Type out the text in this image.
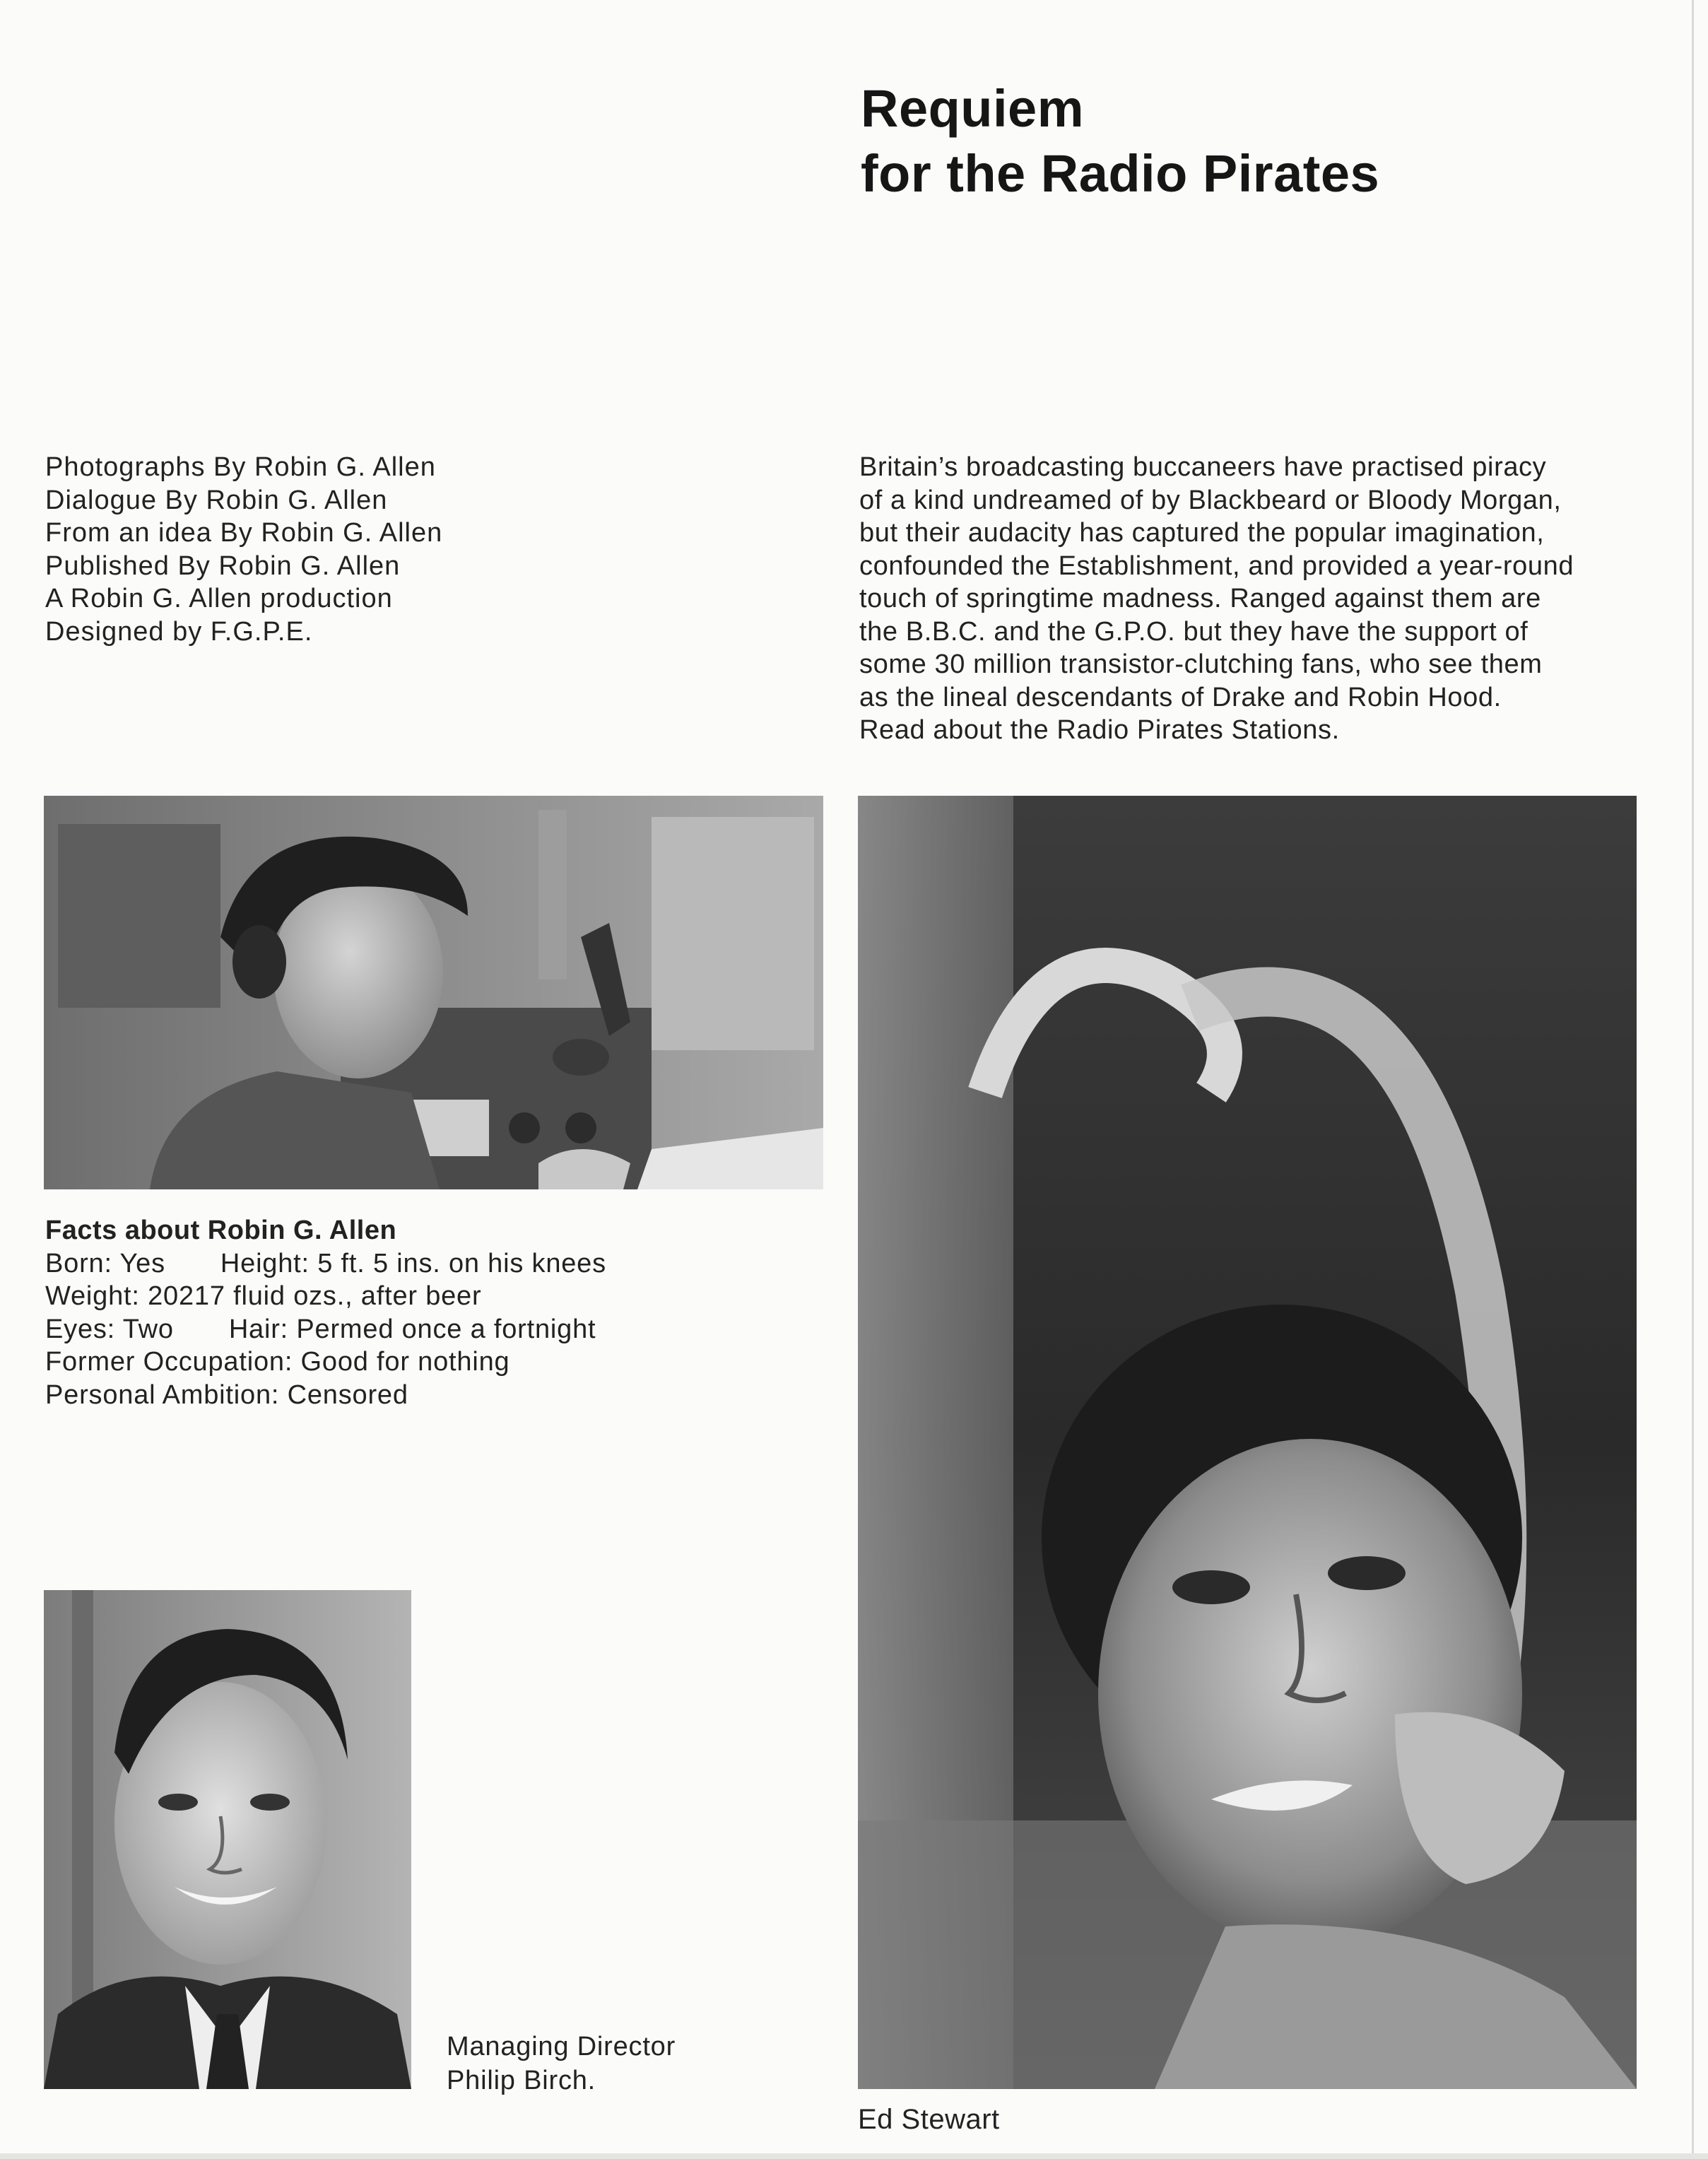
Requiem
for the Radio Pirates
Photographs By Robin G. Allen
Dialogue By Robin G. Allen
From an idea By Robin G. Allen
Published By Robin G. Allen
A Robin G. Allen production
Designed by F.G.P.E.
Britain’s broadcasting buccaneers have practised piracy
of a kind undreamed of by Blackbeard or Bloody Morgan,
but their audacity has captured the popular imagination,
confounded the Establishment, and provided a year-round
touch of springtime madness. Ranged against them are
the B.B.C. and the G.P.O. but they have the support of
some 30 million transistor-clutching fans, who see them
as the lineal descendants of Drake and Robin Hood.
Read about the Radio Pirates Stations.
Facts about Robin G. Allen
Born: Yes Height: 5 ft. 5 ins. on his knees
Weight: 20217 fluid ozs., after beer
Eyes: Two Hair: Permed once a fortnight
Former Occupation: Good for nothing
Personal Ambition: Censored
Managing Director
Philip Birch.
Ed Stewart
